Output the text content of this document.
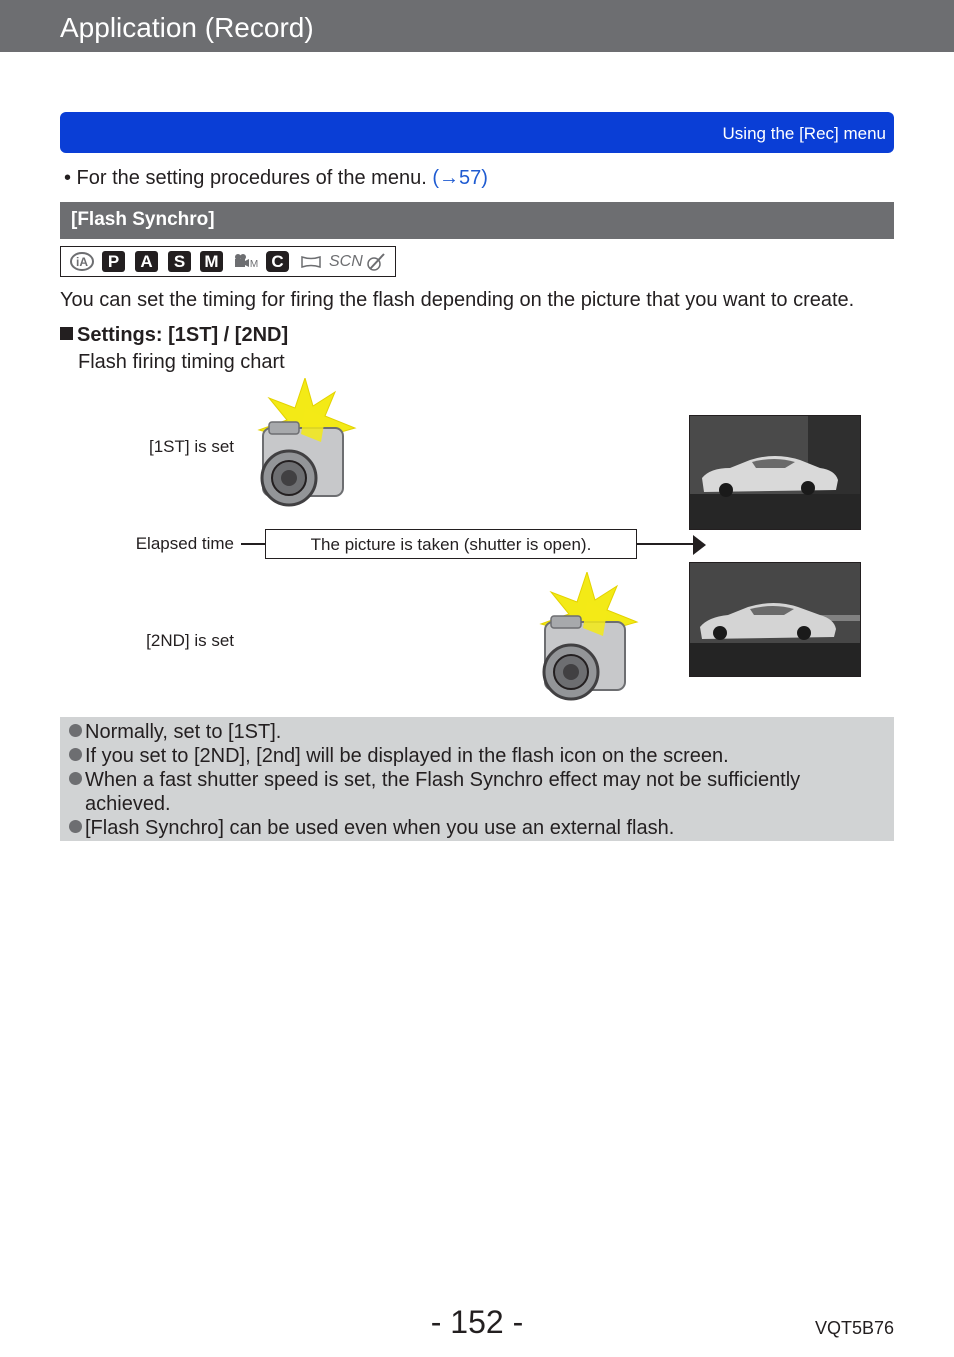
Application (Record)
Using the [Rec] menu
• For the setting procedures of the menu. (→57)
[Flash Synchro]
iA	P	A	S	M	M C	SCN
You can set the timing for firing the flash depending on the picture that you want to create.
Settings: [1ST] / [2ND]
Flash firing timing chart
[1ST] is set
Elapsed time
[2ND] is set
The picture is taken (shutter is open).
Normally, set to [1ST].
If you set to [2ND], [2nd] will be displayed in the flash icon on the screen.
When a fast shutter speed is set, the Flash Synchro effect may not be sufficiently
achieved.
[Flash Synchro] can be used even when you use an external flash.
- 152 -	VQT5B76
